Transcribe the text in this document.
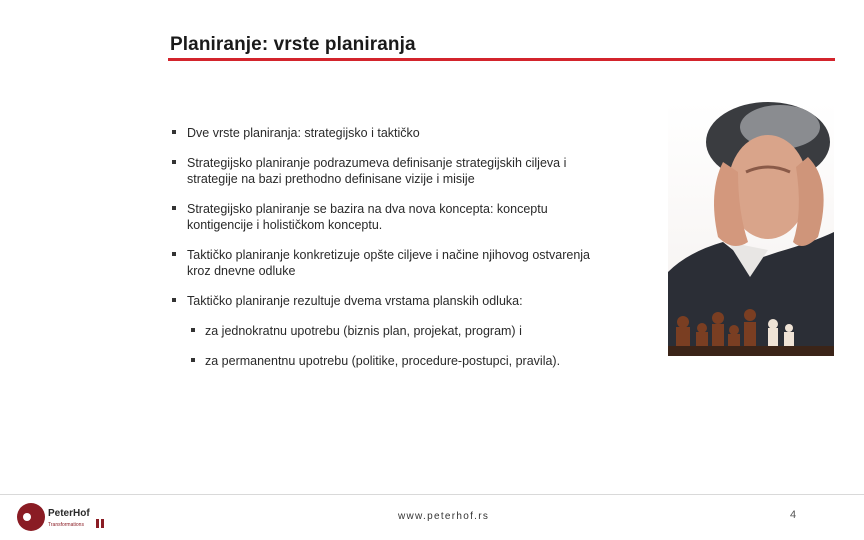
Planiranje: vrste planiranja
Dve vrste planiranja: strategijsko i taktičko
Strategijsko planiranje podrazumeva definisanje strategijskih ciljeva i strategije na bazi prethodno definisane vizije i misije
Strategijsko planiranje se bazira na dva nova koncepta: konceptu kontigencije i holističkom konceptu.
Taktičko planiranje konkretizuje opšte ciljeve i načine njihovog ostvarenja kroz dnevne odluke
Taktičko planiranje rezultuje dvema vrstama planskih odluka:
za jednokratnu upotrebu (biznis plan, projekat, program) i
za permanentnu upotrebu (politike, procedure-postupci, pravila).
PeterHof
Transformations
www.peterhof.rs	4
